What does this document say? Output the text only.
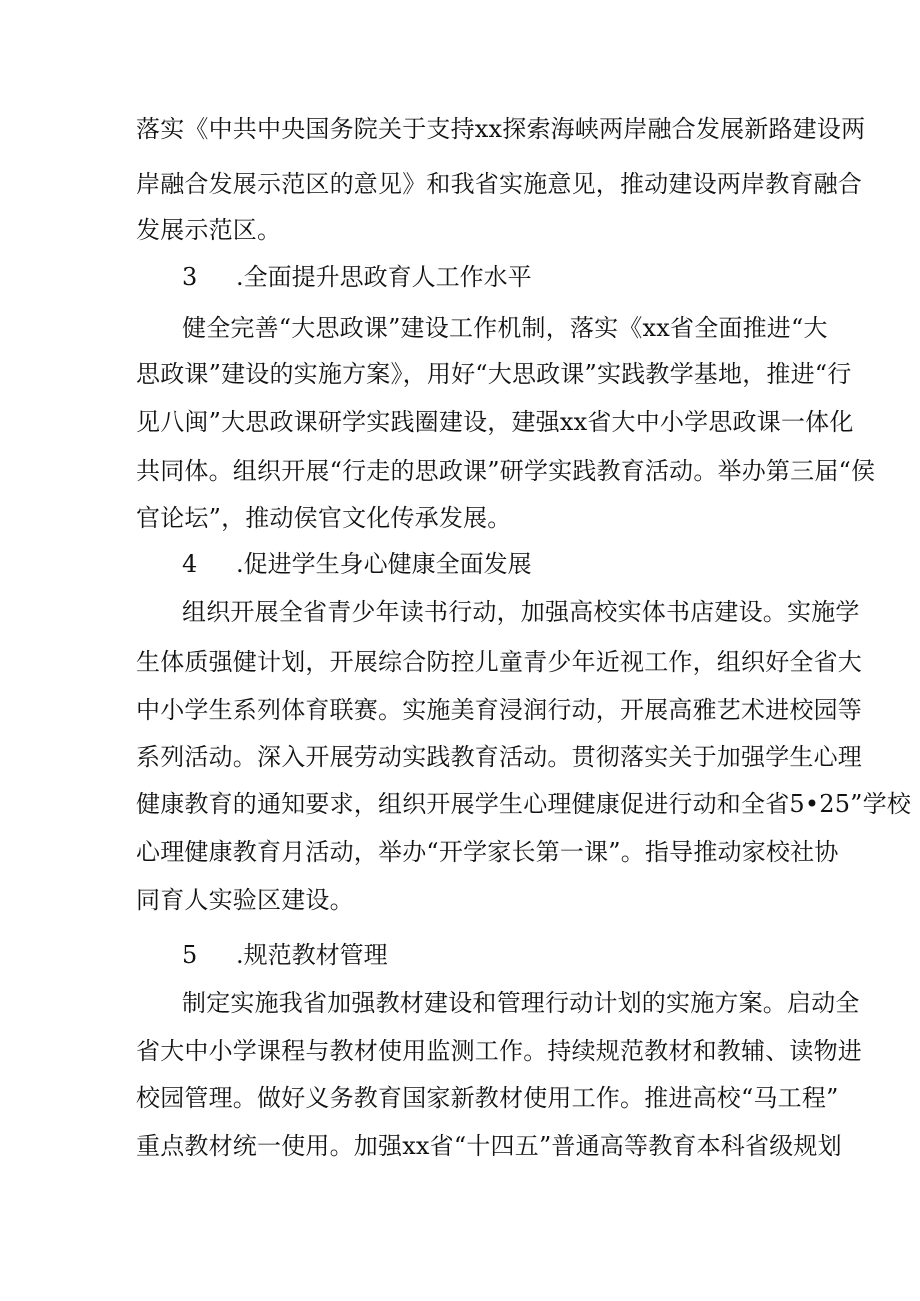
落实《中共中央国务院关于支持xx探索海峡两岸融合发展新路建设两
岸融合发展示范区的意见》和我省实施意见，推动建设两岸教育融合
发展示范区。
3 .全面提升思政育人工作水平
健全完善“大思政课”建设工作机制，落实《xx省全面推进“大
思政课”建设的实施方案》，用好“大思政课”实践教学基地，推进“行
见八闽”大思政课研学实践圈建设，建强xx省大中小学思政课一体化
共同体。组织开展“行走的思政课”研学实践教育活动。举办第三届“侯
官论坛”，推动侯官文化传承发展。
4 .促进学生身心健康全面发展
组织开展全省青少年读书行动，加强高校实体书店建设。实施学
生体质强健计划，开展综合防控儿童青少年近视工作，组织好全省大
中小学生系列体育联赛。实施美育浸润行动，开展高雅艺术进校园等
系列活动。深入开展劳动实践教育活动。贯彻落实关于加强学生心理
健康教育的通知要求，组织开展学生心理健康促进行动和全省5•25”学校
心理健康教育月活动，举办“开学家长第一课”。指导推动家校社协
同育人实验区建设。
5 .规范教材管理
制定实施我省加强教材建设和管理行动计划的实施方案。启动全
省大中小学课程与教材使用监测工作。持续规范教材和教辅、读物进
校园管理。做好义务教育国家新教材使用工作。推进高校“马工程”
重点教材统一使用。加强xx省“十四五”普通高等教育本科省级规划
